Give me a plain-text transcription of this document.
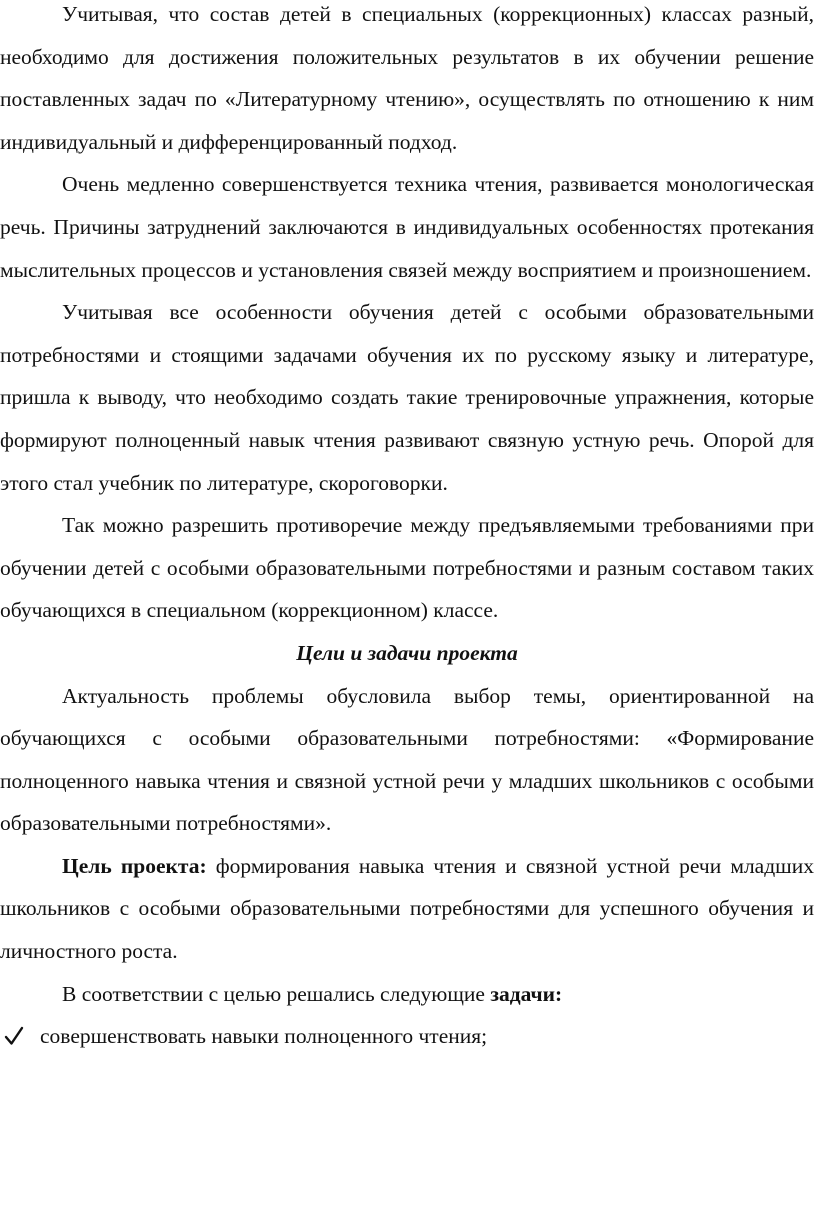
Учитывая, что состав детей в специальных (коррекционных) классах разный, необходимо для достижения положительных результатов в их обучении решение поставленных задач по «Литературному чтению», осуществлять по отношению к ним индивидуальный и дифференцированный подход.

Очень медленно совершенствуется техника чтения, развивается монологическая речь. Причины затруднений заключаются в индивидуальных особенностях протекания мыслительных процессов и установления связей между восприятием и произношением.

Учитывая все особенности обучения детей с особыми образовательными потребностями и стоящими задачами обучения их по русскому языку и литературе, пришла к выводу, что необходимо создать такие тренировочные упражнения, которые формируют полноценный навык чтения развивают связную устную речь. Опорой для этого стал учебник по литературе, скороговорки.

Так можно разрешить противоречие между предъявляемыми требованиями при обучении детей с особыми образовательными потребностями и разным составом таких обучающихся в специальном (коррекционном) классе.

Цели и задачи проекта

Актуальность проблемы обусловила выбор темы, ориентированной на обучающихся с особыми образовательными потребностями: «Формирование полноценного навыка чтения и связной устной речи у младших школьников с особыми образовательными потребностями».

Цель проекта: формирования навыка чтения и связной устной речи младших школьников с особыми образовательными потребностями для успешного обучения и личностного роста.

В соответствии с целью решались следующие задачи:

совершенствовать навыки полноценного чтения;
